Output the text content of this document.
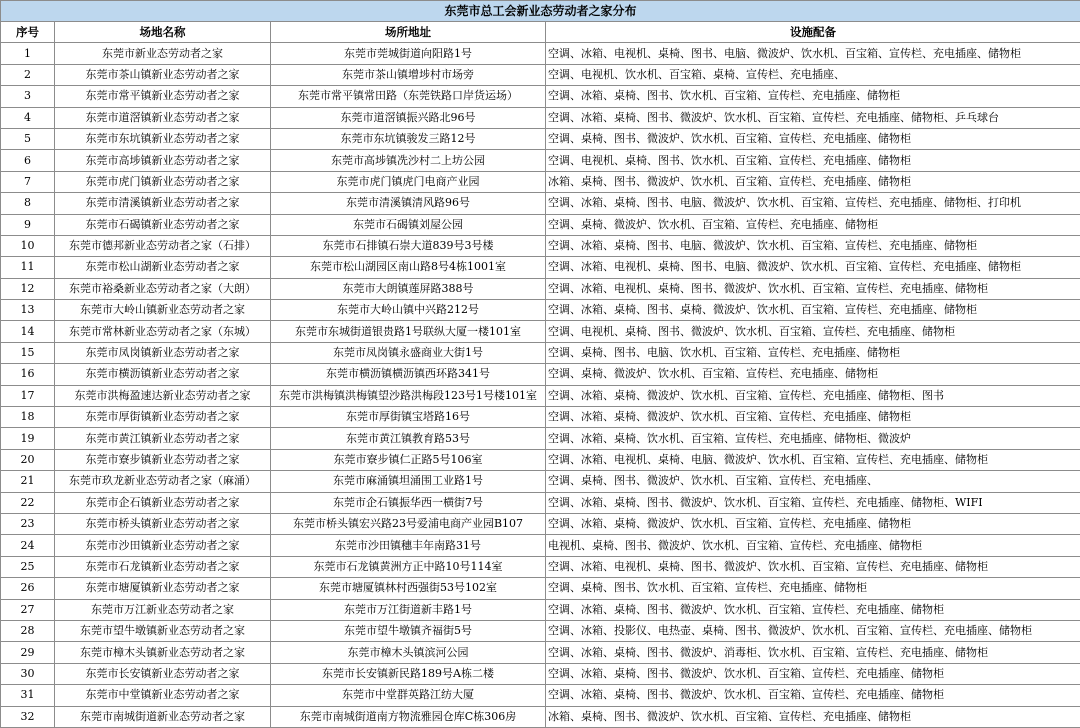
东莞市总工会新业态劳动者之家分布			
序号	场地名称	场所地址	设施配备
1	东莞市新业态劳动者之家	东莞市莞城街道向阳路1号	空调、冰箱、电视机、桌椅、图书、电脑、微波炉、饮水机、百宝箱、宣传栏、充电插座、储物柜
2	东莞市茶山镇新业态劳动者之家	东莞市茶山镇增埗村市场旁	空调、电视机、饮水机、百宝箱、桌椅、宣传栏、充电插座、
3	东莞市常平镇新业态劳动者之家	东莞市常平镇常田路（东莞铁路口岸货运场）	空调、冰箱、桌椅、图书、饮水机、百宝箱、宣传栏、充电插座、储物柜
4	东莞市道滘镇新业态劳动者之家	东莞市道滘镇振兴路北96号	空调、冰箱、桌椅、图书、微波炉、饮水机、百宝箱、宣传栏、充电插座、储物柜、乒乓球台
5	东莞市东坑镇新业态劳动者之家	东莞市东坑镇骏发三路12号	空调、桌椅、图书、微波炉、饮水机、百宝箱、宣传栏、充电插座、储物柜
6	东莞市高埗镇新业态劳动者之家	东莞市高埗镇冼沙村二上坊公园	空调、电视机、桌椅、图书、饮水机、百宝箱、宣传栏、充电插座、储物柜
7	东莞市虎门镇新业态劳动者之家	东莞市虎门镇虎门电商产业园	冰箱、桌椅、图书、微波炉、饮水机、百宝箱、宣传栏、充电插座、储物柜
8	东莞市清溪镇新业态劳动者之家	东莞市清溪镇清风路96号	空调、冰箱、桌椅、图书、电脑、微波炉、饮水机、百宝箱、宣传栏、充电插座、储物柜、打印机
9	东莞市石碣镇新业态劳动者之家	东莞市石碣镇刘屋公园	空调、桌椅、微波炉、饮水机、百宝箱、宣传栏、充电插座、储物柜
10	东莞市德邦新业态劳动者之家（石排）	东莞市石排镇石崇大道839号3号楼	空调、冰箱、桌椅、图书、电脑、微波炉、饮水机、百宝箱、宣传栏、充电插座、储物柜
11	东莞市松山湖新业态劳动者之家	东莞市松山湖园区南山路8号4栋1001室	空调、冰箱、电视机、桌椅、图书、电脑、微波炉、饮水机、百宝箱、宣传栏、充电插座、储物柜
12	东莞市裕桑新业态劳动者之家（大朗）	东莞市大朗镇莲屏路388号	空调、冰箱、电视机、桌椅、图书、微波炉、饮水机、百宝箱、宣传栏、充电插座、储物柜
13	东莞市大岭山镇新业态劳动者之家	东莞市大岭山镇中兴路212号	空调、冰箱、桌椅、图书、桌椅、微波炉、饮水机、百宝箱、宣传栏、充电插座、储物柜
14	东莞市常林新业态劳动者之家（东城）	东莞市东城街道银贵路1号联纵大厦一楼101室	空调、电视机、桌椅、图书、微波炉、饮水机、百宝箱、宣传栏、充电插座、储物柜
15	东莞市凤岗镇新业态劳动者之家	东莞市凤岗镇永盛商业大街1号	空调、桌椅、图书、电脑、饮水机、百宝箱、宣传栏、充电插座、储物柜
16	东莞市横沥镇新业态劳动者之家	东莞市横沥镇横沥镇西环路341号	空调、桌椅、微波炉、饮水机、百宝箱、宣传栏、充电插座、储物柜
17	东莞市洪梅盈速达新业态劳动者之家	东莞市洪梅镇洪梅镇望沙路洪梅段123号1号楼101室	空调、冰箱、桌椅、微波炉、饮水机、百宝箱、宣传栏、充电插座、储物柜、图书
18	东莞市厚街镇新业态劳动者之家	东莞市厚街镇宝塔路16号	空调、冰箱、桌椅、微波炉、饮水机、百宝箱、宣传栏、充电插座、储物柜
19	东莞市黄江镇新业态劳动者之家	东莞市黄江镇教育路53号	空调、冰箱、桌椅、饮水机、百宝箱、宣传栏、充电插座、储物柜、微波炉
20	东莞市寮步镇新业态劳动者之家	东莞市寮步镇仁正路5号106室	空调、冰箱、电视机、桌椅、电脑、微波炉、饮水机、百宝箱、宣传栏、充电插座、储物柜
21	东莞市玖龙新业态劳动者之家（麻涌）	东莞市麻涌镇坦涌围工业路1号	空调、桌椅、图书、微波炉、饮水机、百宝箱、宣传栏、充电插座、
22	东莞市企石镇新业态劳动者之家	东莞市企石镇振华西一横街7号	空调、冰箱、桌椅、图书、微波炉、饮水机、百宝箱、宣传栏、充电插座、储物柜、WIFI
23	东莞市桥头镇新业态劳动者之家	东莞市桥头镇宏兴路23号爱浦电商产业园B107	空调、冰箱、桌椅、微波炉、饮水机、百宝箱、宣传栏、充电插座、储物柜
24	东莞市沙田镇新业态劳动者之家	东莞市沙田镇穗丰年南路31号	电视机、桌椅、图书、微波炉、饮水机、百宝箱、宣传栏、充电插座、储物柜
25	东莞市石龙镇新业态劳动者之家	东莞市石龙镇黄洲方正中路10号114室	空调、冰箱、电视机、桌椅、图书、微波炉、饮水机、百宝箱、宣传栏、充电插座、储物柜
26	东莞市塘厦镇新业态劳动者之家	东莞市塘厦镇林村西强街53号102室	空调、桌椅、图书、饮水机、百宝箱、宣传栏、充电插座、储物柜
27	东莞市万江新业态劳动者之家	东莞市万江街道新丰路1号	空调、冰箱、桌椅、图书、微波炉、饮水机、百宝箱、宣传栏、充电插座、储物柜
28	东莞市望牛墩镇新业态劳动者之家	东莞市望牛墩镇齐福街5号	空调、冰箱、投影仪、电热壶、桌椅、图书、微波炉、饮水机、百宝箱、宣传栏、充电插座、储物柜
29	东莞市樟木头镇新业态劳动者之家	东莞市樟木头镇滨河公园	空调、冰箱、桌椅、图书、微波炉、消毒柜、饮水机、百宝箱、宣传栏、充电插座、储物柜
30	东莞市长安镇新业态劳动者之家	东莞市长安镇新民路189号A栋二楼	空调、冰箱、桌椅、图书、微波炉、饮水机、百宝箱、宣传栏、充电插座、储物柜
31	东莞市中堂镇新业态劳动者之家	东莞市中堂群英路江纺大厦	空调、冰箱、桌椅、图书、微波炉、饮水机、百宝箱、宣传栏、充电插座、储物柜
32	东莞市南城街道新业态劳动者之家	东莞市南城街道南方物流雅园仓库C栋306房	冰箱、桌椅、图书、微波炉、饮水机、百宝箱、宣传栏、充电插座、储物柜
